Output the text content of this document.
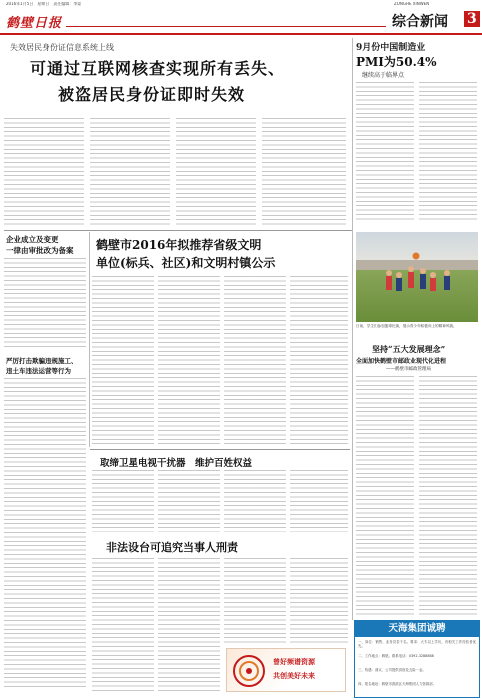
2016年1月5日　星期日　责任编辑：李蒙
鹤壁日报
ZONGHE XINWEN
综合新闻 3
失效居民身份证信息系统上线
可通过互联网核查实现所有丢失、
被盗居民身份证即时失效
9月份中国制造业
PMI为50.4%
继续高于临界点
企业成立及变更
一律由审批改为备案 鹤壁市2016年拟推荐省级文明
单位(标兵、社区)和文明村镇公示
严厉打击欺骗违规施工、
违土车违法运营等行为
日前，学生们参加篮球比赛，展示青少年积极向上的精神风貌。
坚持“五大发展理念”
全面加快鹤壁市邮政业现代化进程
——鹤壁市邮政管理局
取缔卫星电视干扰器　维护百姓权益
非法设台可追究当事人刑责
曾好频谱资源
共创美好未来
天海集团诚聘
一、岗位：销售、业务员若干名。要求：大专以上学历，有相关工作经验者优先。
二、工作地点：鹤壁。联系电话：0392-3288888
三、待遇：面议，公司提供食宿及五险一金。
四、报名地址：鹤壁市淇滨区天海集团人力资源部。
